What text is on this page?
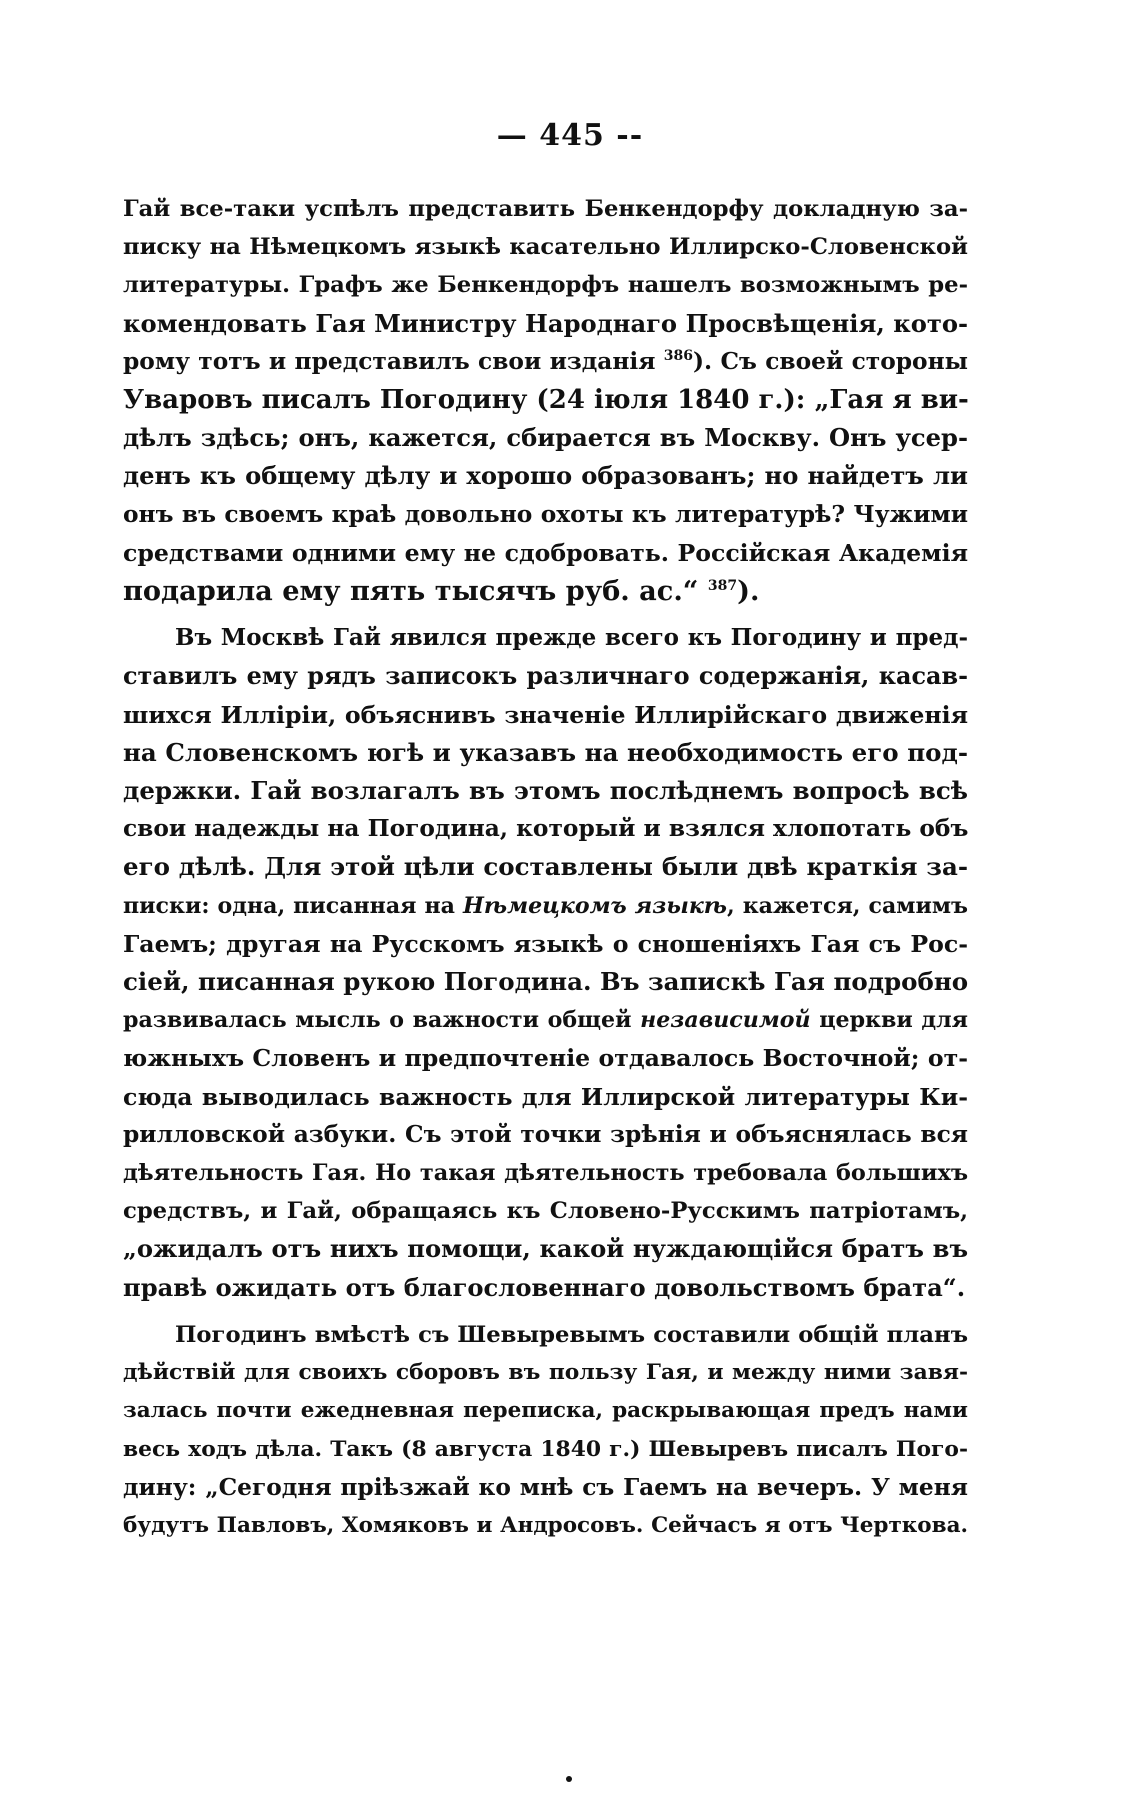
— 445 --

Гай все-таки успѣлъ представить Бенкендорфу докладную за-
писку на Нѣмецкомъ языкѣ касательно Иллирско-Словенской
литературы. Графъ же Бенкендорфъ нашелъ возможнымъ ре-
комендовать Гая Министру Народнаго Просвѣщенія, кото-
рому тотъ и представилъ свои изданія $^{386}$). Съ своей стороны
Уваровъ писалъ Погодину (24 іюля 1840 г.): „Гая я ви-
дѣлъ здѣсь; онъ, кажется, сбирается въ Москву. Онъ усер-
денъ къ общему дѣлу и хорошо образованъ; но найдетъ ли
онъ въ своемъ краѣ довольно охоты къ литературѣ? Чужими
средствами одними ему не сдобровать. Россійская Академія
подарила ему пять тысячъ руб. ас.“ $^{387}$).

Въ Москвѣ Гай явился прежде всего къ Погодину и пред-
ставилъ ему рядъ записокъ различнаго содержанія, касав-
шихся Илліріи, объяснивъ значеніе Иллирійскаго движенія
на Словенскомъ югѣ и указавъ на необходимость его под-
держки. Гай возлагалъ въ этомъ послѣднемъ вопросѣ всѣ
свои надежды на Погодина, который и взялся хлопотать объ
его дѣлѣ. Для этой цѣли составлены были двѣ краткія за-
писки: одна, писанная на Нѣмецкомъ языкѣ, кажется, самимъ
Гаемъ; другая на Русскомъ языкѣ о сношеніяхъ Гая съ Рос-
сіей, писанная рукою Погодина. Въ запискѣ Гая подробно
развивалась мысль о важности общей независимой церкви для
южныхъ Словенъ и предпочтеніе отдавалось Восточной; от-
сюда выводилась важность для Иллирской литературы Ки-
рилловской азбуки. Съ этой точки зрѣнія и объяснялась вся
дѣятельность Гая. Но такая дѣятельность требовала большихъ
средствъ, и Гай, обращаясь къ Словено-Русскимъ патріотамъ,
„ожидалъ отъ нихъ помощи, какой нуждающійся братъ въ
правѣ ожидать отъ благословеннаго довольствомъ брата“.

Погодинъ вмѣстѣ съ Шевыревымъ составили общій планъ
дѣйствій для своихъ сборовъ въ пользу Гая, и между ними завя-
залась почти ежедневная переписка, раскрывающая предъ нами
весь ходъ дѣла. Такъ (8 августа 1840 г.) Шевыревъ писалъ Пого-
дину: „Сегодня пріѣзжай ко мнѣ съ Гаемъ на вечеръ. У меня
будутъ Павловъ, Хомяковъ и Андросовъ. Сейчасъ я отъ Черткова.
